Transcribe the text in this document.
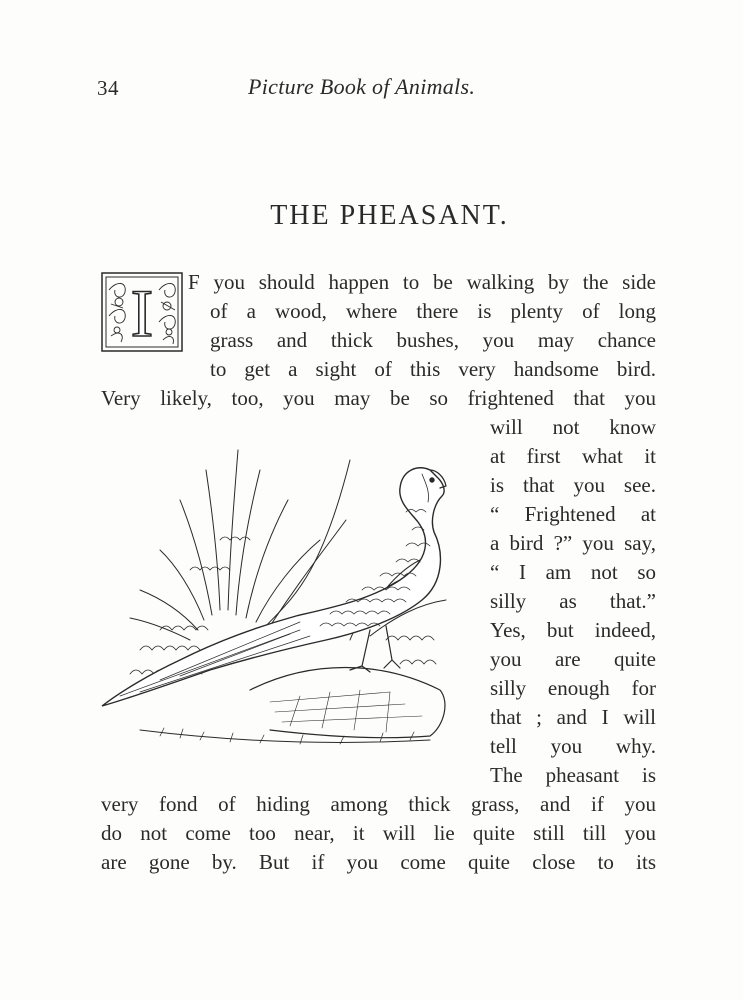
34	Picture Book of Animals.
THE PHEASANT.
I F you should happen to be walking by the side
of a wood, where there is plenty of long
grass and thick bushes, you may chance
to get a sight of this very handsome bird.
Very likely, too, you may be so frightened that you
will not know
at first what it
is that you see.
“ Frightened at
a bird ?” you say,
“ I am not so
silly as that.”
Yes, but indeed,
you are quite
silly enough for
that ; and I will
tell you why.
The pheasant is
very fond of hiding among thick grass, and if you
do not come too near, it will lie quite still till you
are gone by. But if you come quite close to its
